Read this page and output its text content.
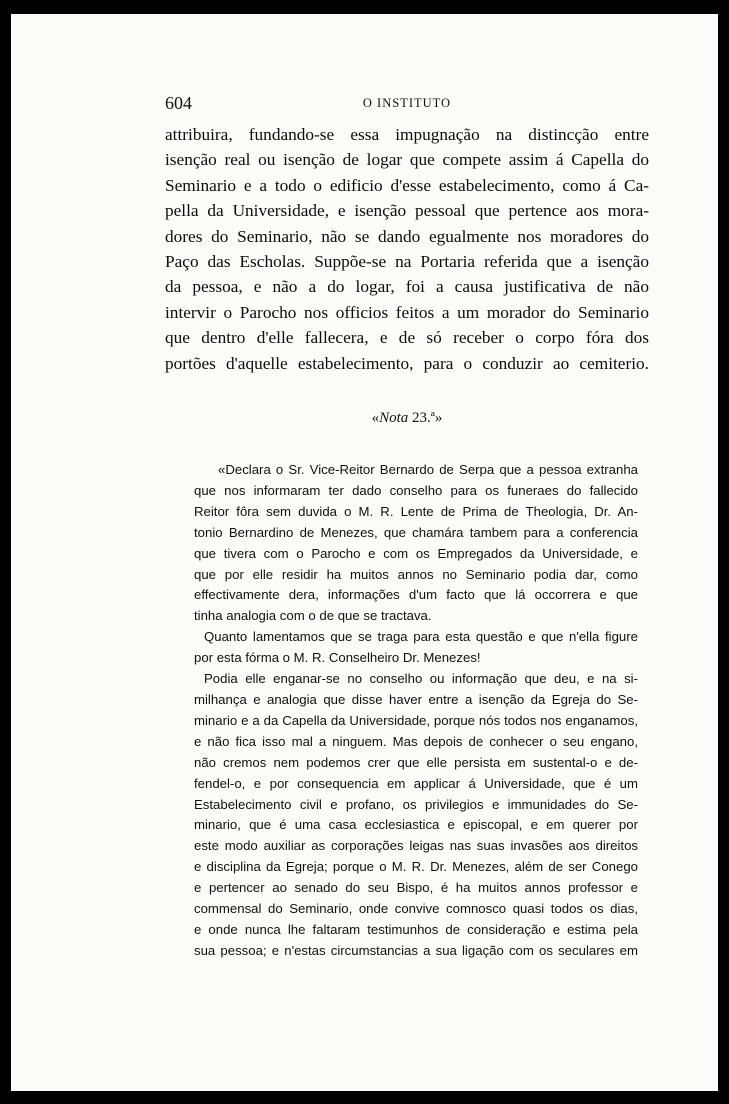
604	O INSTITUTO
attribuira, fundando-se essa impugnação na distincção entre
isenção real ou isenção de logar que compete assim á Capella do
Seminario e a todo o edificio d'esse estabelecimento, como á Ca-
pella da Universidade, e isenção pessoal que pertence aos mora-
dores do Seminario, não se dando egualmente nos moradores do
Paço das Escholas. Suppõe-se na Portaria referida que a isenção
da pessoa, e não a do logar, foi a causa justificativa de não
intervir o Parocho nos officios feitos a um morador do Seminario
que dentro d'elle fallecera, e de só receber o corpo fóra dos
portões d'aquelle estabelecimento, para o conduzir ao cemiterio.
«Nota 23.ª»
«Declara o Sr. Vice-Reitor Bernardo de Serpa que a pessoa extranha
que nos informaram ter dado conselho para os funeraes do fallecido
Reitor fôra sem duvida o M. R. Lente de Prima de Theologia, Dr. An-
tonio Bernardino de Menezes, que chamára tambem para a conferencia
que tivera com o Parocho e com os Empregados da Universidade, e
que por elle residir ha muitos annos no Seminario podia dar, como
effectivamente dera, informações d'um facto que lá occorrera e que
tinha analogia com o de que se tractava.
Quanto lamentamos que se traga para esta questão e que n'ella figure
por esta fórma o M. R. Conselheiro Dr. Menezes!
Podia elle enganar-se no conselho ou informação que deu, e na si-
milhança e analogia que disse haver entre a isenção da Egreja do Se-
minario e a da Capella da Universidade, porque nós todos nos enganamos,
e não fica isso mal a ninguem. Mas depois de conhecer o seu engano,
não cremos nem podemos crer que elle persista em sustental-o e de-
fendel-o, e por consequencia em applicar á Universidade, que é um
Estabelecimento civil e profano, os privilegios e immunidades do Se-
minario, que é uma casa ecclesiastica e episcopal, e em querer por
este modo auxiliar as corporações leigas nas suas invasões aos direitos
e disciplina da Egreja; porque o M. R. Dr. Menezes, além de ser Conego
e pertencer ao senado do seu Bispo, é ha muitos annos professor e
commensal do Seminario, onde convive comnosco quasi todos os dias,
e onde nunca lhe faltaram testimunhos de consideração e estima pela
sua pessoa; e n'estas circumstancias a sua ligação com os seculares em
